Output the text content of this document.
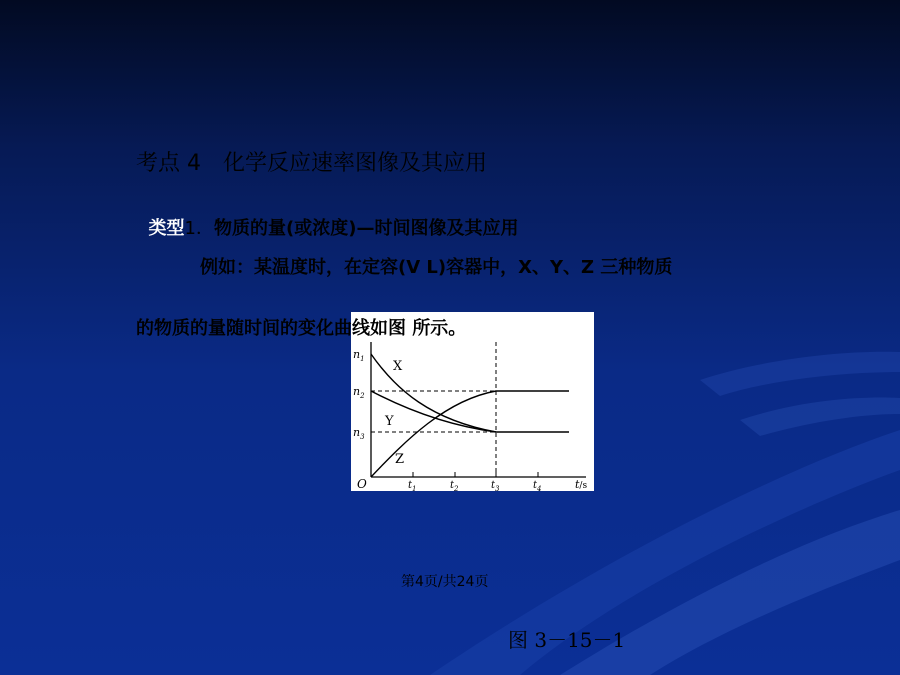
考点 4　化学反应速率图像及其应用

类型1．物质的量(或浓度)—时间图像及其应用

例如：某温度时，在定容(V L)容器中，X、Y、Z 三种物质
的物质的量随时间的变化曲线如图 所示。
$n_1$
$n_2$
$n_3$
X
Y
Z
O	$t_1$	$t_2$	$t_3$	$t_4$	t/s
第4页/共24页
图 3－15－1
